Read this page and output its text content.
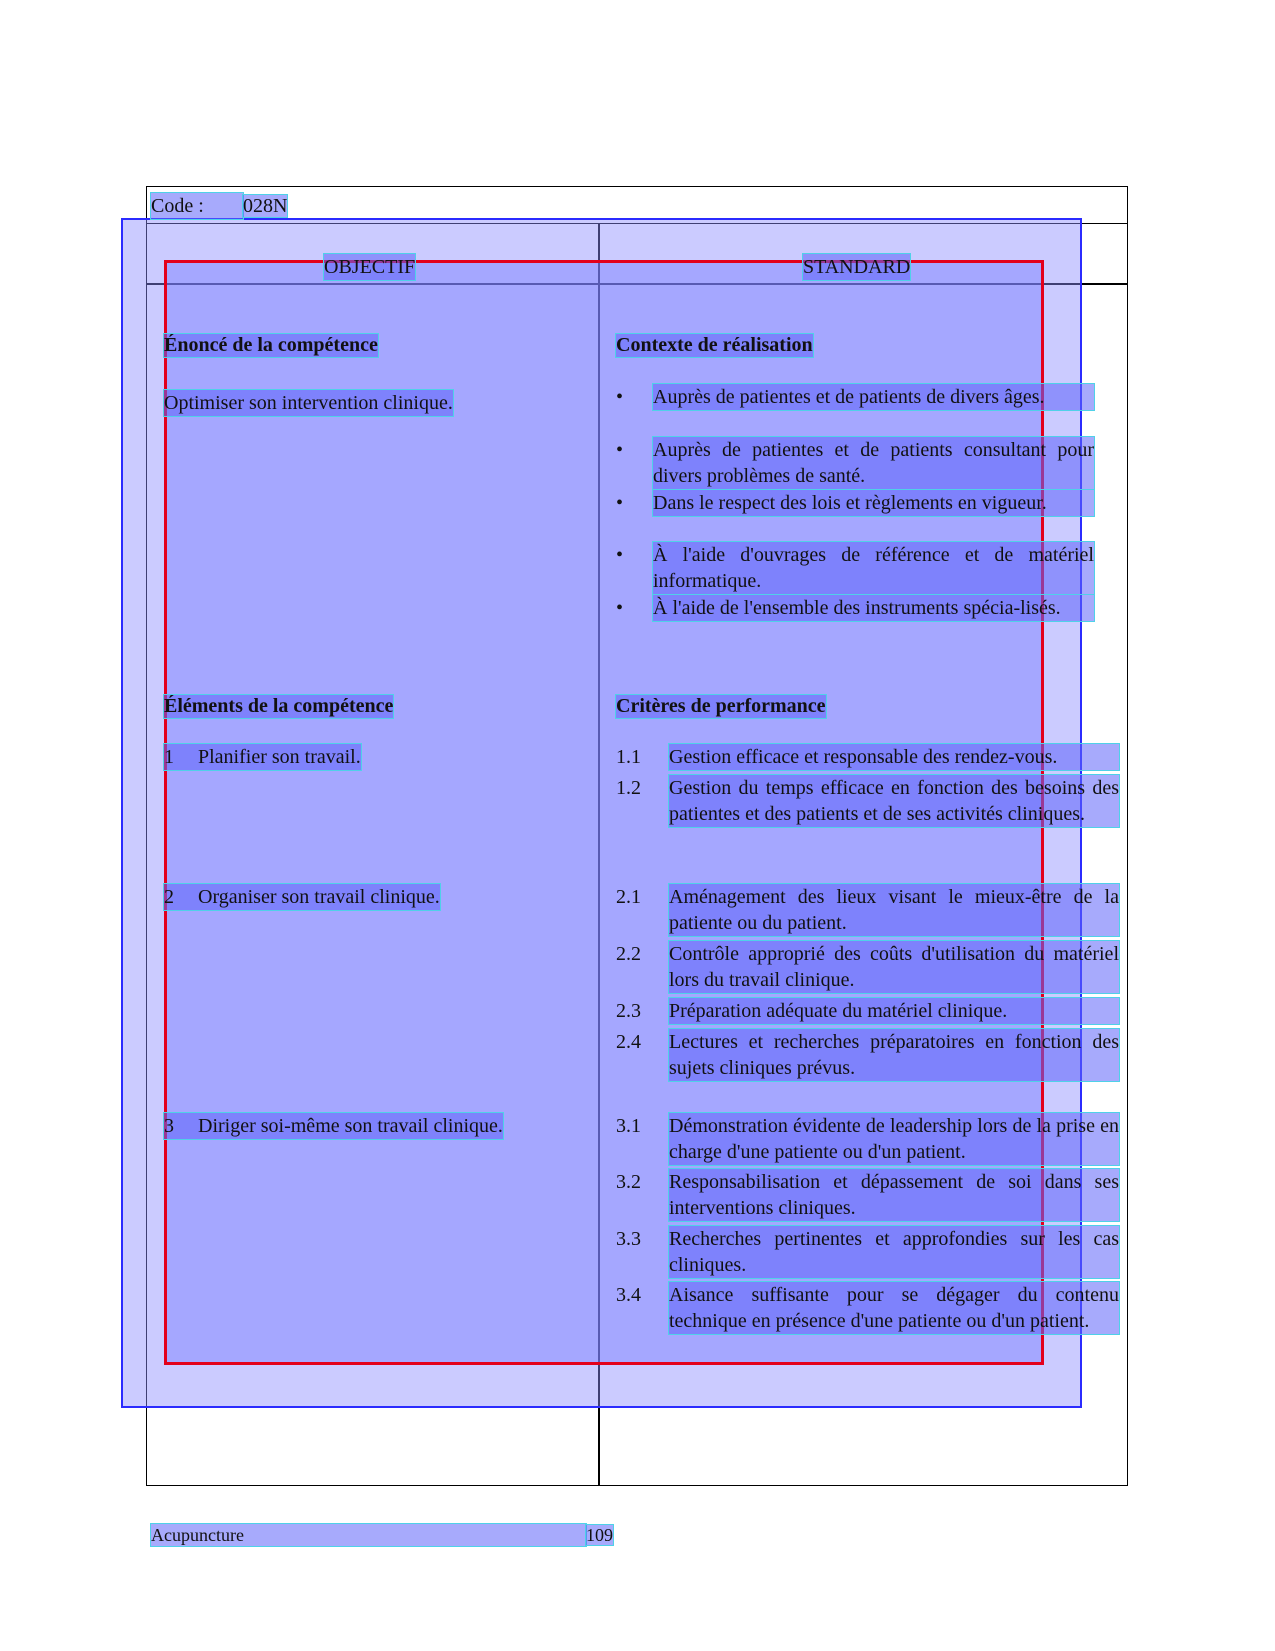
Code : 028N
OBJECTIF	STANDARD
Énoncé de la compétence
Optimiser son intervention clinique.
Éléments de la compétence
1 Planifier son travail.
2 Organiser son travail clinique.
3 Diriger soi-même son travail clinique.
Contexte de réalisation
• Auprès de patientes et de patients de divers âges.
• Auprès de patientes et de patients consultant pour divers problèmes de santé.
• Dans le respect des lois et règlements en vigueur.
• À l'aide d'ouvrages de référence et de matériel informatique.
• À l'aide de l'ensemble des instruments spécia-lisés.
Critères de performance
1.1 Gestion efficace et responsable des rendez-vous.
1.2 Gestion du temps efficace en fonction des besoins des patientes et des patients et de ses activités cliniques.
2.1 Aménagement des lieux visant le mieux-être de la patiente ou du patient.
2.2 Contrôle approprié des coûts d'utilisation du matériel lors du travail clinique.
2.3 Préparation adéquate du matériel clinique.
2.4 Lectures et recherches préparatoires en fonction des sujets cliniques prévus.
3.1 Démonstration évidente de leadership lors de la prise en charge d'une patiente ou d'un patient.
3.2 Responsabilisation et dépassement de soi dans ses interventions cliniques.
3.3 Recherches pertinentes et approfondies sur les cas cliniques.
3.4 Aisance suffisante pour se dégager du contenu technique en présence d'une patiente ou d'un patient.
Acupuncture	109
